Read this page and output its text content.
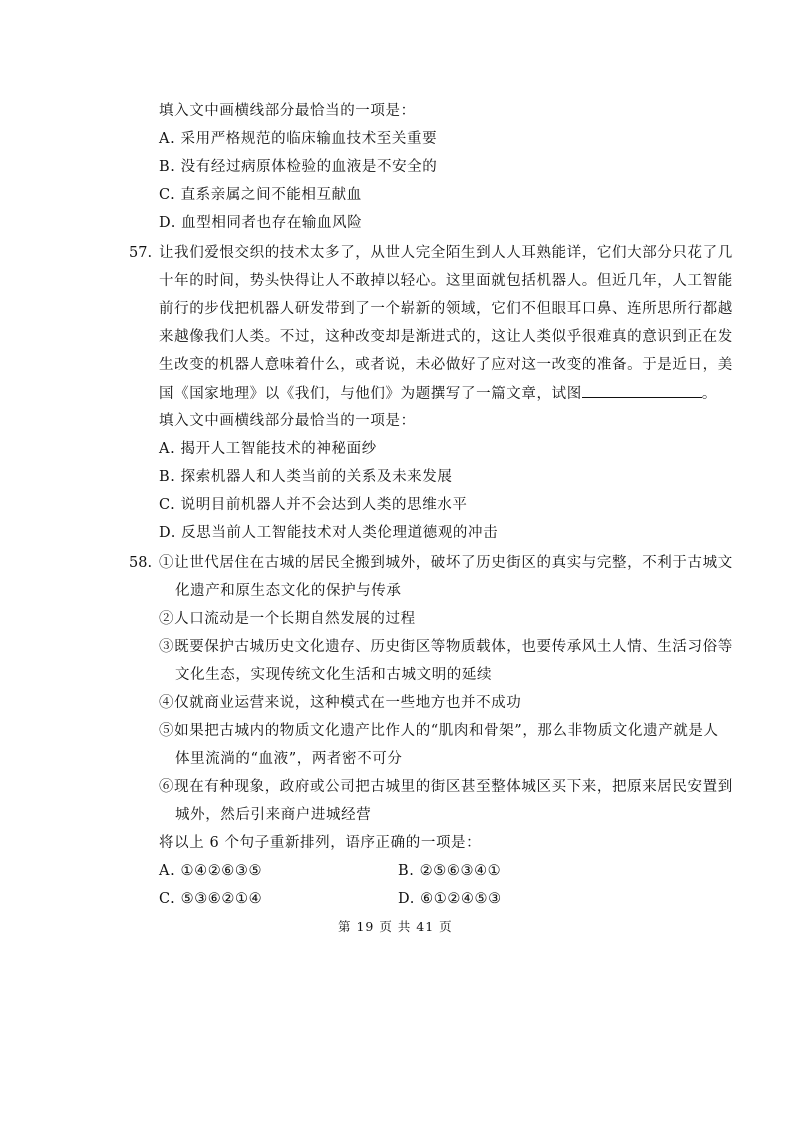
填入文中画横线部分最恰当的一项是：
A. 采用严格规范的临床输血技术至关重要
B. 没有经过病原体检验的血液是不安全的
C. 直系亲属之间不能相互献血
D. 血型相同者也存在输血风险
57. 让我们爱恨交织的技术太多了，从世人完全陌生到人人耳熟能详，它们大部分只花了几
十年的时间，势头快得让人不敢掉以轻心。这里面就包括机器人。但近几年，人工智能
前行的步伐把机器人研发带到了一个崭新的领域，它们不但眼耳口鼻、连所思所行都越
来越像我们人类。不过，这种改变却是渐进式的，这让人类似乎很难真的意识到正在发
生改变的机器人意味着什么，或者说，未必做好了应对这一改变的准备。于是近日，美
国《国家地理》以《我们，与他们》为题撰写了一篇文章，试图	。
填入文中画横线部分最恰当的一项是：
A. 揭开人工智能技术的神秘面纱
B. 探索机器人和人类当前的关系及未来发展
C. 说明目前机器人并不会达到人类的思维水平
D. 反思当前人工智能技术对人类伦理道德观的冲击
58. ①让世代居住在古城的居民全搬到城外，破坏了历史街区的真实与完整，不利于古城文
化遗产和原生态文化的保护与传承
②人口流动是一个长期自然发展的过程
③既要保护古城历史文化遗存、历史街区等物质载体，也要传承风土人情、生活习俗等
文化生态，实现传统文化生活和古城文明的延续
④仅就商业运营来说，这种模式在一些地方也并不成功
⑤如果把古城内的物质文化遗产比作人的“肌肉和骨架”，那么非物质文化遗产就是人
体里流淌的“血液”，两者密不可分
⑥现在有种现象，政府或公司把古城里的街区甚至整体城区买下来，把原来居民安置到
城外，然后引来商户进城经营
将以上 6 个句子重新排列，语序正确的一项是：
A. ①④②⑥③⑤	B. ②⑤⑥③④①
C. ⑤③⑥②①④	D. ⑥①②④⑤③
第 19 页 共 41 页
